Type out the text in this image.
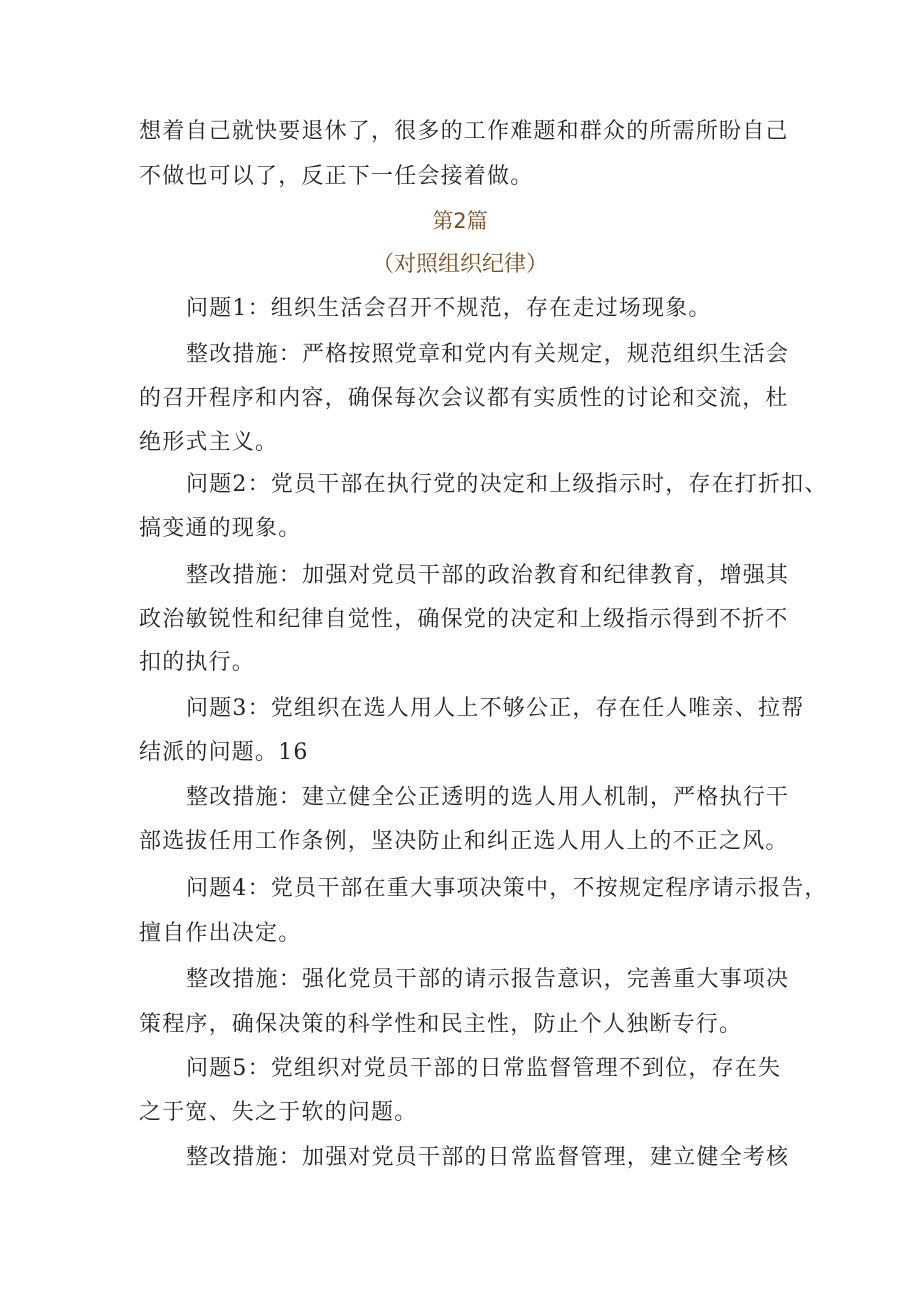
想着自己就快要退休了，很多的工作难题和群众的所需所盼自己
不做也可以了，反正下一任会接着做。
第2篇
（对照组织纪律）
问题1：组织生活会召开不规范，存在走过场现象。
整改措施：严格按照党章和党内有关规定，规范组织生活会
的召开程序和内容，确保每次会议都有实质性的讨论和交流，杜
绝形式主义。
问题2：党员干部在执行党的决定和上级指示时，存在打折扣、
搞变通的现象。
整改措施：加强对党员干部的政治教育和纪律教育，增强其
政治敏锐性和纪律自觉性，确保党的决定和上级指示得到不折不
扣的执行。
问题3：党组织在选人用人上不够公正，存在任人唯亲、拉帮
结派的问题。16
整改措施：建立健全公正透明的选人用人机制，严格执行干
部选拔任用工作条例，坚决防止和纠正选人用人上的不正之风。
问题4：党员干部在重大事项决策中，不按规定程序请示报告，
擅自作出决定。
整改措施：强化党员干部的请示报告意识，完善重大事项决
策程序，确保决策的科学性和民主性，防止个人独断专行。
问题5：党组织对党员干部的日常监督管理不到位，存在失
之于宽、失之于软的问题。
整改措施：加强对党员干部的日常监督管理，建立健全考核
